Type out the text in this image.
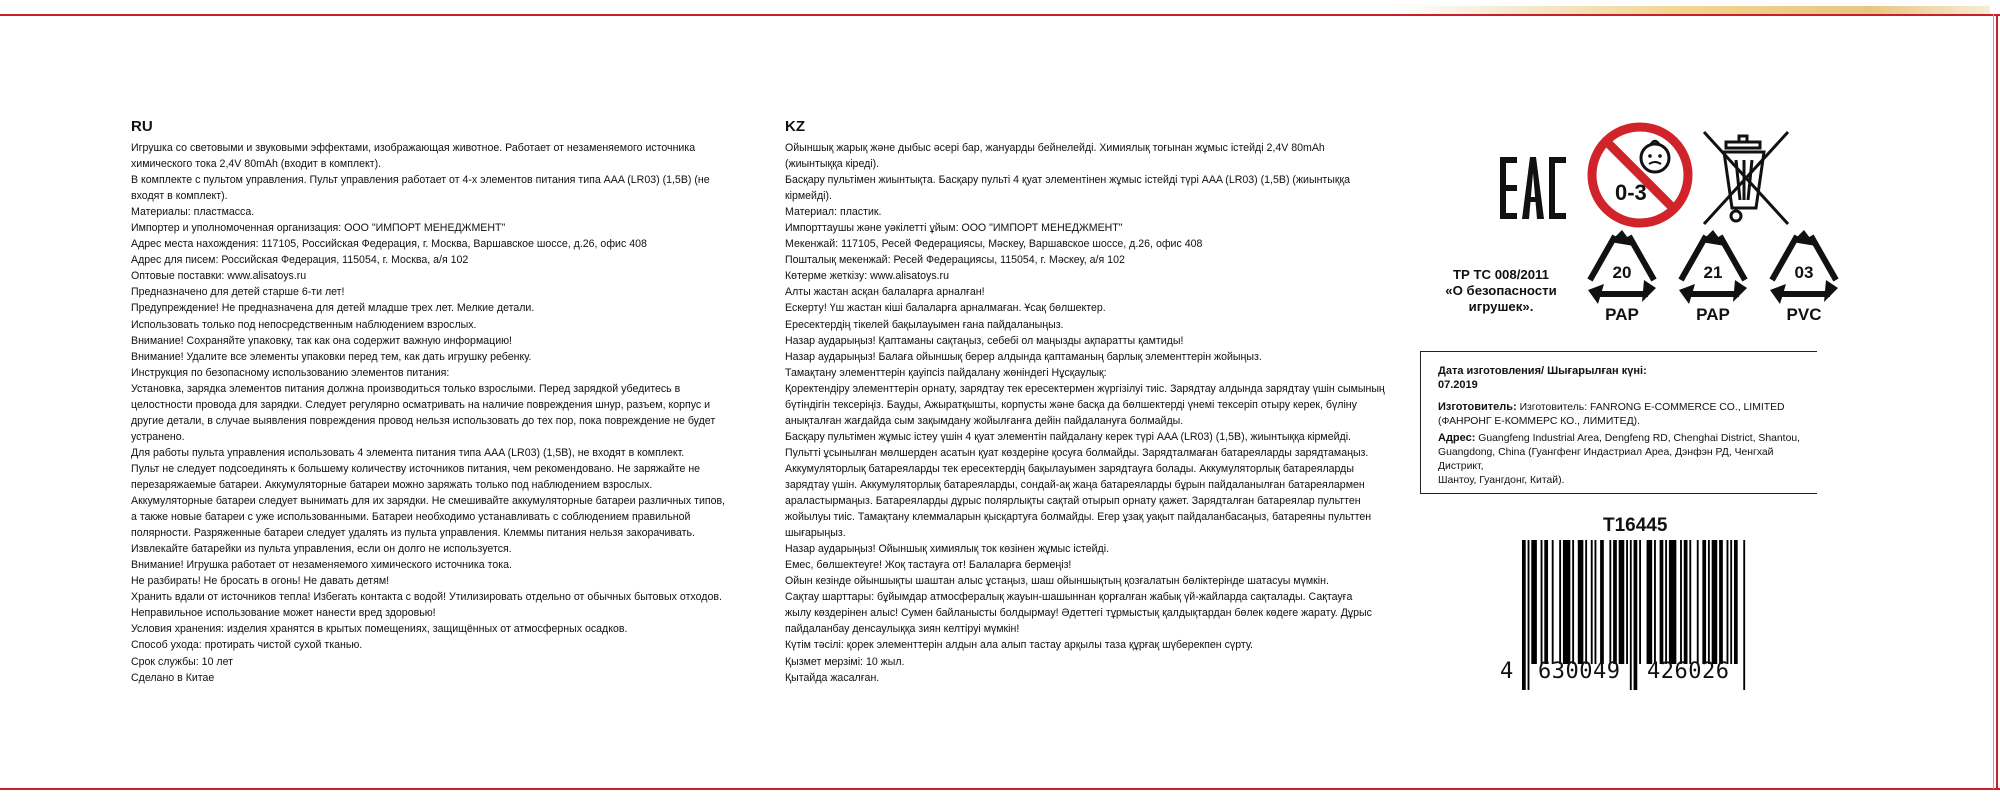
RU

Игрушка со световыми и звуковыми эффектами, изображающая животное. Работает от незаменяемого источника

химического тока 2,4V 80mAh (входит в комплект).

В комплекте с пультом управления. Пульт управления работает от 4-х элементов питания типа AAA (LR03) (1,5В) (не

входят в комплект).

Материалы: пластмасса.

Импортер и уполномоченная организация: ООО "ИМПОРТ МЕНЕДЖМЕНТ"

Адрес места нахождения: 117105, Российская Федерация, г. Москва, Варшавское шоссе, д.26, офис 408

Адрес для писем: Российская Федерация, 115054, г. Москва, а/я 102

Оптовые поставки: www.alisatoys.ru

Предназначено для детей старше 6-ти лет!

Предупреждение! Не предназначена для детей младше трех лет. Мелкие детали.

Использовать только под непосредственным наблюдением взрослых.

Внимание! Сохраняйте упаковку, так как она содержит важную информацию!

Внимание! Удалите все элементы упаковки перед тем, как дать игрушку ребенку.

Инструкция по безопасному использованию элементов питания:

Установка, зарядка элементов питания должна производиться только взрослыми. Перед зарядкой убедитесь в

целостности провода для зарядки. Следует регулярно осматривать на наличие повреждения шнур, разъем, корпус и

другие детали, в случае выявления повреждения провод нельзя использовать до тех пор, пока повреждение не будет

устранено.

Для работы пульта управления использовать 4 элемента питания типа AAA (LR03) (1,5В), не входят в комплект.

Пульт не следует подсоединять к большему количеству источников питания, чем рекомендовано. Не заряжайте не

перезаряжаемые батареи. Аккумуляторные батареи можно заряжать только под наблюдением взрослых.

Аккумуляторные батареи следует вынимать для их зарядки. Не смешивайте аккумуляторные батареи различных типов,

а также новые батареи с уже использованными. Батареи необходимо устанавливать с соблюдением правильной

полярности. Разряженные батареи следует удалять из пульта управления. Клеммы питания нельзя закорачивать.

Извлекайте батарейки из пульта управления, если он долго не используется.

Внимание! Игрушка работает от незаменяемого химического источника тока.

Не разбирать! Не бросать в огонь! Не давать детям!

Хранить вдали от источников тепла! Избегать контакта с водой! Утилизировать отдельно от обычных бытовых отходов.

Неправильное использование может нанести вред здоровью!

Условия хранения: изделия хранятся в крытых помещениях, защищённых от атмосферных осадков.

Способ ухода: протирать чистой сухой тканью.

Срок службы: 10 лет

Сделано в Китае

KZ

Ойыншық жарық және дыбыс әсері бар, жануарды бейнелейді. Химиялық тоғынан жұмыс істейді 2,4V 80mAh

(жиынтыққа кіреді).

Басқару пультімен жиынтықта. Басқару пульті 4 қуат элементінен жұмыс істейді түрі AAA (LR03) (1,5В) (жиынтыққа

кірмейді).

Материал: пластик.

Импорттаушы және уәкілетті ұйым: ООО "ИМПОРТ МЕНЕДЖМЕНТ"

Мекенжай: 117105, Ресей Федерациясы, Мәскеу, Варшавское шоссе, д.26, офис 408

Пошталық мекенжай: Ресей Федерациясы, 115054, г. Мәскеу, а/я 102

Көтерме жеткізу: www.alisatoys.ru

Алты жастан асқан балаларға арналған!

Ескерту! Үш жастан кіші балаларға арналмаған. Ұсақ бөлшектер.

Ересектердің тікелей бақылауымен ғана пайдаланыңыз.

Назар аударыңыз! Қаптаманы сақтаңыз, себебі ол маңызды ақпаратты қамтиды!

Назар аударыңыз! Балаға ойыншық берер алдында қаптаманың барлық элементтерін жойыңыз.

Тамақтану элементтерін қауіпсіз пайдалану жөніндегі Нұсқаулық:

Қоректендіру элементтерін орнату, зарядтау тек ересектермен жүргізілуі тиіс. Зарядтау алдында зарядтау үшін сымының

бүтіндігін тексеріңіз. Бауды, Ажыратқышты, корпусты және басқа да бөлшектерді үнемі тексеріп отыру керек, бүліну

анықталған жағдайда сым зақымдану жойылғанға дейін пайдалануға болмайды.

Басқару пультімен жұмыс істеу үшін 4 қуат элементін пайдалану керек түрі AAA (LR03) (1,5В), жиынтыққа кірмейді.

Пультті ұсынылған мөлшерден асатын қуат көздеріне қосуға болмайды. Зарядталмаған батареяларды зарядтамаңыз.

Аккумуляторлық батареяларды тек ересектердің бақылауымен зарядтауға болады. Аккумуляторлық батареяларды

зарядтау үшін. Аккумуляторлық батареяларды, сондай-ақ жаңа батареяларды бұрын пайдаланылған батареялармен

араластырмаңыз. Батареяларды дұрыс полярлықты сақтай отырып орнату қажет. Зарядталған батареялар пульттен

жойылуы тиіс. Тамақтану клеммаларын қысқартуға болмайды. Егер ұзақ уақыт пайдаланбасаңыз, батареяны пульттен

шығарыңыз.

Назар аударыңыз! Ойыншық химиялық ток көзінен жұмыс істейді.

Емес, бөлшектеуге! Жоқ тастауға от! Балаларға бермеңіз!

Ойын кезінде ойыншықты шаштан алыс ұстаңыз, шаш ойыншықтың қозғалатын бөліктерінде шатасуы мүмкін.

Сақтау шарттары: бұйымдар атмосфералық жауын-шашыннан қорғалған жабық үй-жайларда сақталады. Сақтауға

жылу көздерінен алыс! Сумен байланысты болдырмау! Әдеттегі тұрмыстық қалдықтардан бөлек көдеге жарату. Дұрыс

пайдаланбау денсаулыққа зиян келтіруі мүмкін!

Күтім тәсілі: қорек элементтерін алдын ала алып тастау арқылы таза құрғақ шүберекпен сүрту.

Қызмет мерзімі: 10 жыл.

Қытайда жасалған.

EAC
0-3
20
PAP
21
PAP
03
PVC
ТР ТС 008/2011
«О безопасности
игрушек».
Дата изготовления/ Шығарылған күні:
07.2019
Изготовитель: Изготовитель: FANRONG E-COMMERCE CO., LIMITED
(ФАНРОНГ Е-КОММЕРС КО., ЛИМИТЕД).
Адрес: Guangfeng Industrial Area, Dengfeng RD, Chenghai District, Shantou,
Guangdong, China (Гуангфенг Индастриал Ареа, Дэнфэн РД, Ченгхай Дистрикт,
Шантоу, Гуангдонг, Китай).
T16445
4 630049 426026
